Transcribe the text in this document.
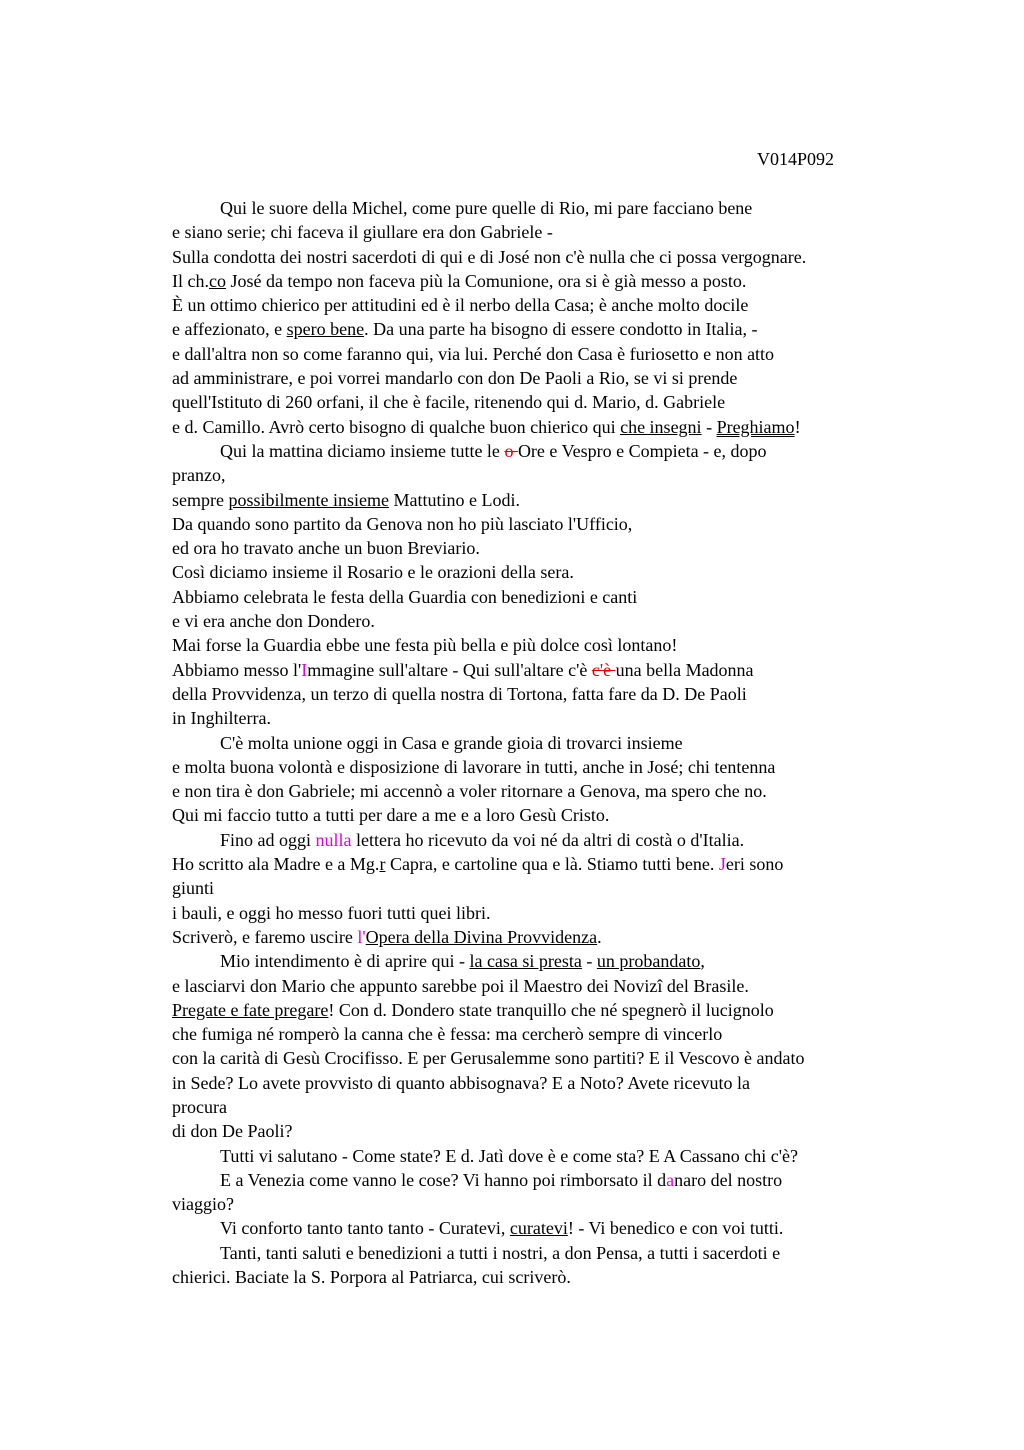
V014P092
Qui le suore della Michel, come pure quelle di Rio, mi pare facciano bene
e siano serie; chi faceva il giullare era don Gabriele -
Sulla condotta dei nostri sacerdoti di qui e di José non c'è nulla che ci possa vergognare.
Il ch.co José da tempo non faceva più la Comunione, ora si è già messo a posto.
È un ottimo chierico per attitudini ed è il nerbo della Casa; è anche molto docile
e affezionato, e spero bene. Da una parte ha bisogno di essere condotto in Italia, -
e dall'altra non so come faranno qui, via lui. Perché don Casa è furiosetto e non atto
ad amministrare, e poi vorrei mandarlo con don De Paoli a Rio, se vi si prende
quell'Istituto di 260 orfani, il che è facile, ritenendo qui d. Mario, d. Gabriele
e d. Camillo. Avrò certo bisogno di qualche buon chierico qui che insegni - Preghiamo!
Qui la mattina diciamo insieme tutte le o Ore e Vespro e Compieta - e, dopo
pranzo,
sempre possibilmente insieme Mattutino e Lodi.
Da quando sono partito da Genova non ho più lasciato l'Ufficio,
ed ora ho travato anche un buon Breviario.
Così diciamo insieme il Rosario e le orazioni della sera.
Abbiamo celebrata le festa della Guardia con benedizioni e canti
e vi era anche don Dondero.
Mai forse la Guardia ebbe une festa più bella e più dolce così lontano!
Abbiamo messo l'Immagine sull'altare - Qui sull'altare c'è c'è una bella Madonna
della Provvidenza, un terzo di quella nostra di Tortona, fatta fare da D. De Paoli
in Inghilterra.
C'è molta unione oggi in Casa e grande gioia di trovarci insieme
e molta buona volontà e disposizione di lavorare in tutti, anche in José; chi tentenna
e non tira è don Gabriele; mi accennò a voler ritornare a Genova, ma spero che no.
Qui mi faccio tutto a tutti per dare a me e a loro Gesù Cristo.
Fino ad oggi nulla lettera ho ricevuto da voi né da altri di costà o d'Italia.
Ho scritto ala Madre e a Mg.r Capra, e cartoline qua e là. Stiamo tutti bene. Jeri sono
giunti
i bauli, e oggi ho messo fuori tutti quei libri.
Scriverò, e faremo uscire l'Opera della Divina Provvidenza.
Mio intendimento è di aprire qui - la casa si presta - un probandato,
e lasciarvi don Mario che appunto sarebbe poi il Maestro dei Novizî del Brasile.
Pregate e fate pregare! Con d. Dondero state tranquillo che né spegnerò il lucignolo
che fumiga né romperò la canna che è fessa: ma cercherò sempre di vincerlo
con la carità di Gesù Crocifisso. E per Gerusalemme sono partiti? E il Vescovo è andato
in Sede? Lo avete provvisto di quanto abbisognava? E a Noto? Avete ricevuto la
procura
di don De Paoli?
Tutti vi salutano - Come state? E d. Jatì dove è e come sta? E A Cassano chi c'è?
E a Venezia come vanno le cose? Vi hanno poi rimborsato il danaro del nostro
viaggio?
Vi conforto tanto tanto tanto - Curatevi, curatevi! - Vi benedico e con voi tutti.
Tanti, tanti saluti e benedizioni a tutti i nostri, a don Pensa, a tutti i sacerdoti e
chierici. Baciate la S. Porpora al Patriarca, cui scriverò.
